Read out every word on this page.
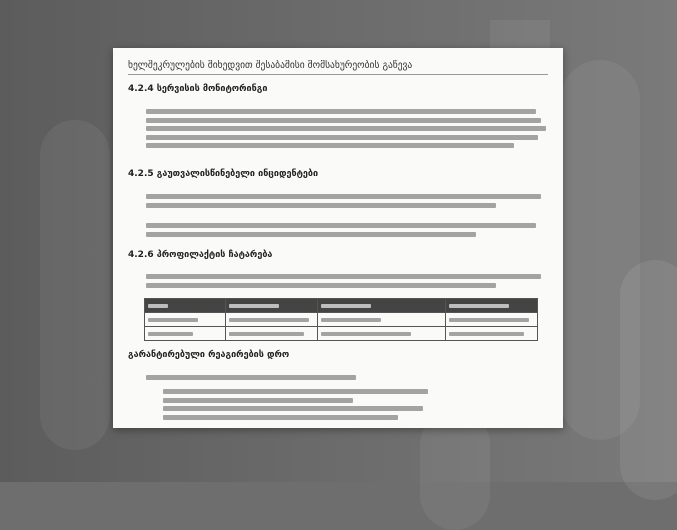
ხელშეკრულების მიხედვით შესაბამისი მომსახურეობის გაწევა
4.2.4 სერვისის მონიტორინგი
4.2.5 გაუთვალისწინებელი ინციდენტები
4.2.6 პროფილაქტის ჩატარება

გარანტირებული რეაგირების დრო
